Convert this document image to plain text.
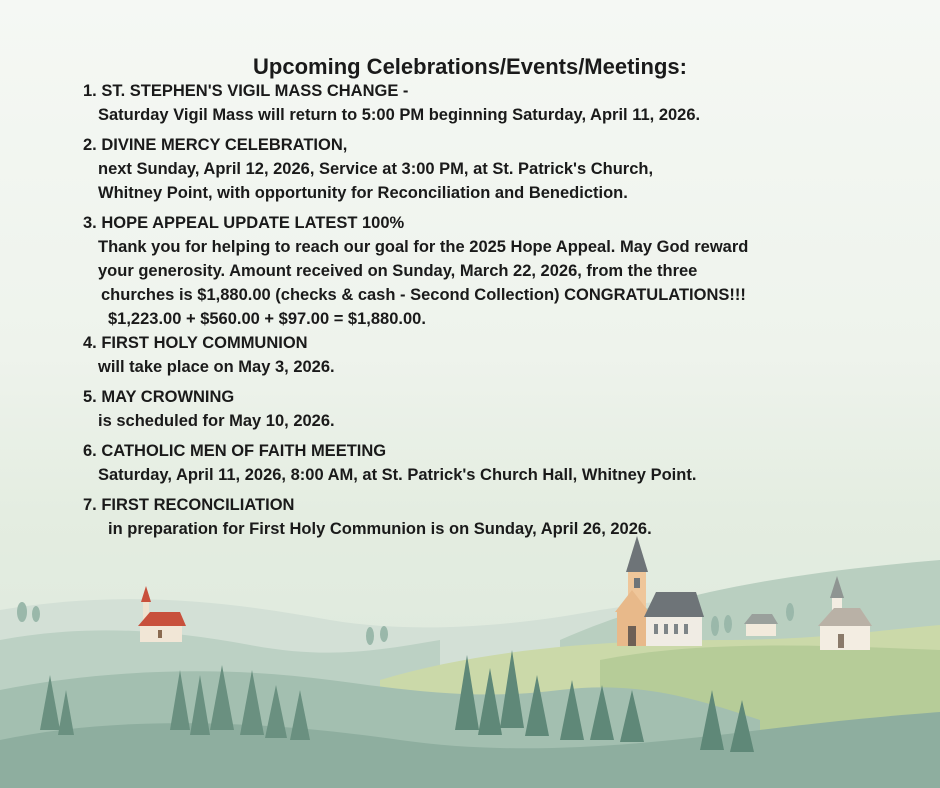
Upcoming Celebrations/Events/Meetings:
1. ST. STEPHEN'S VIGIL MASS CHANGE -
Saturday Vigil Mass will return to 5:00 PM beginning Saturday, April 11, 2026.
2. DIVINE MERCY CELEBRATION,
next Sunday, April 12, 2026, Service at 3:00 PM, at St. Patrick's Church,
Whitney Point, with opportunity for Reconciliation and Benediction.
3. HOPE APPEAL UPDATE LATEST 100%
Thank you for helping to reach our goal for the 2025 Hope Appeal. May God reward
your generosity. Amount received on Sunday, March 22, 2026, from the three
churches is $1,880.00 (checks & cash - Second Collection) CONGRATULATIONS!!!
$1,223.00 + $560.00 + $97.00 = $1,880.00.
4. FIRST HOLY COMMUNION
will take place on May 3, 2026.
5. MAY CROWNING
is scheduled for May 10, 2026.
6. CATHOLIC MEN OF FAITH MEETING
Saturday, April 11, 2026, 8:00 AM, at St. Patrick's Church Hall, Whitney Point.
7. FIRST RECONCILIATION
in preparation for First Holy Communion is on Sunday, April 26, 2026.
